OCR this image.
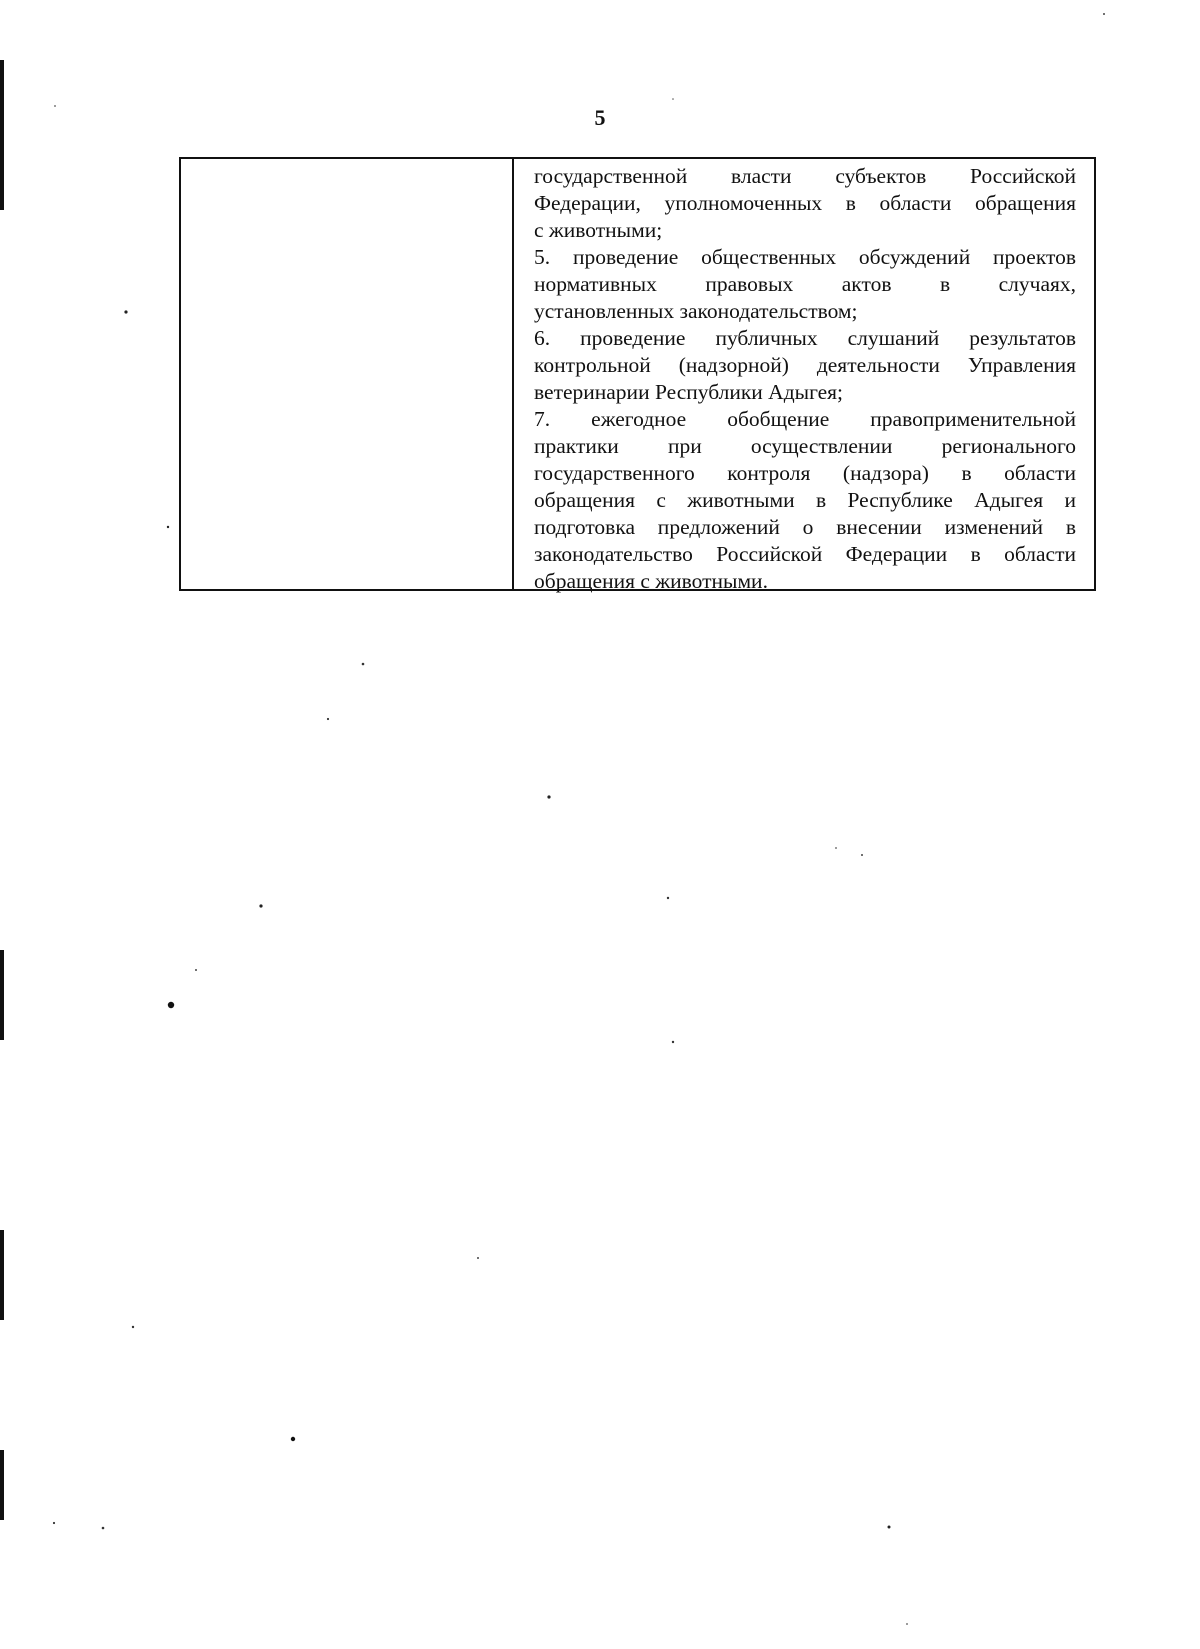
5
государственной власти субъектов Российской
Федерации, уполномоченных в области обращения
с животными;
5. проведение общественных обсуждений проектов
нормативных правовых актов в случаях,
установленных законодательством;
6. проведение публичных слушаний результатов
контрольной (надзорной) деятельности Управления
ветеринарии Республики Адыгея;
7. ежегодное обобщение правоприменительной
практики при осуществлении регионального
государственного контроля (надзора) в области
обращения с животными в Республике Адыгея и
подготовка предложений о внесении изменений в
законодательство Российской Федерации в области
обращения с животными.
